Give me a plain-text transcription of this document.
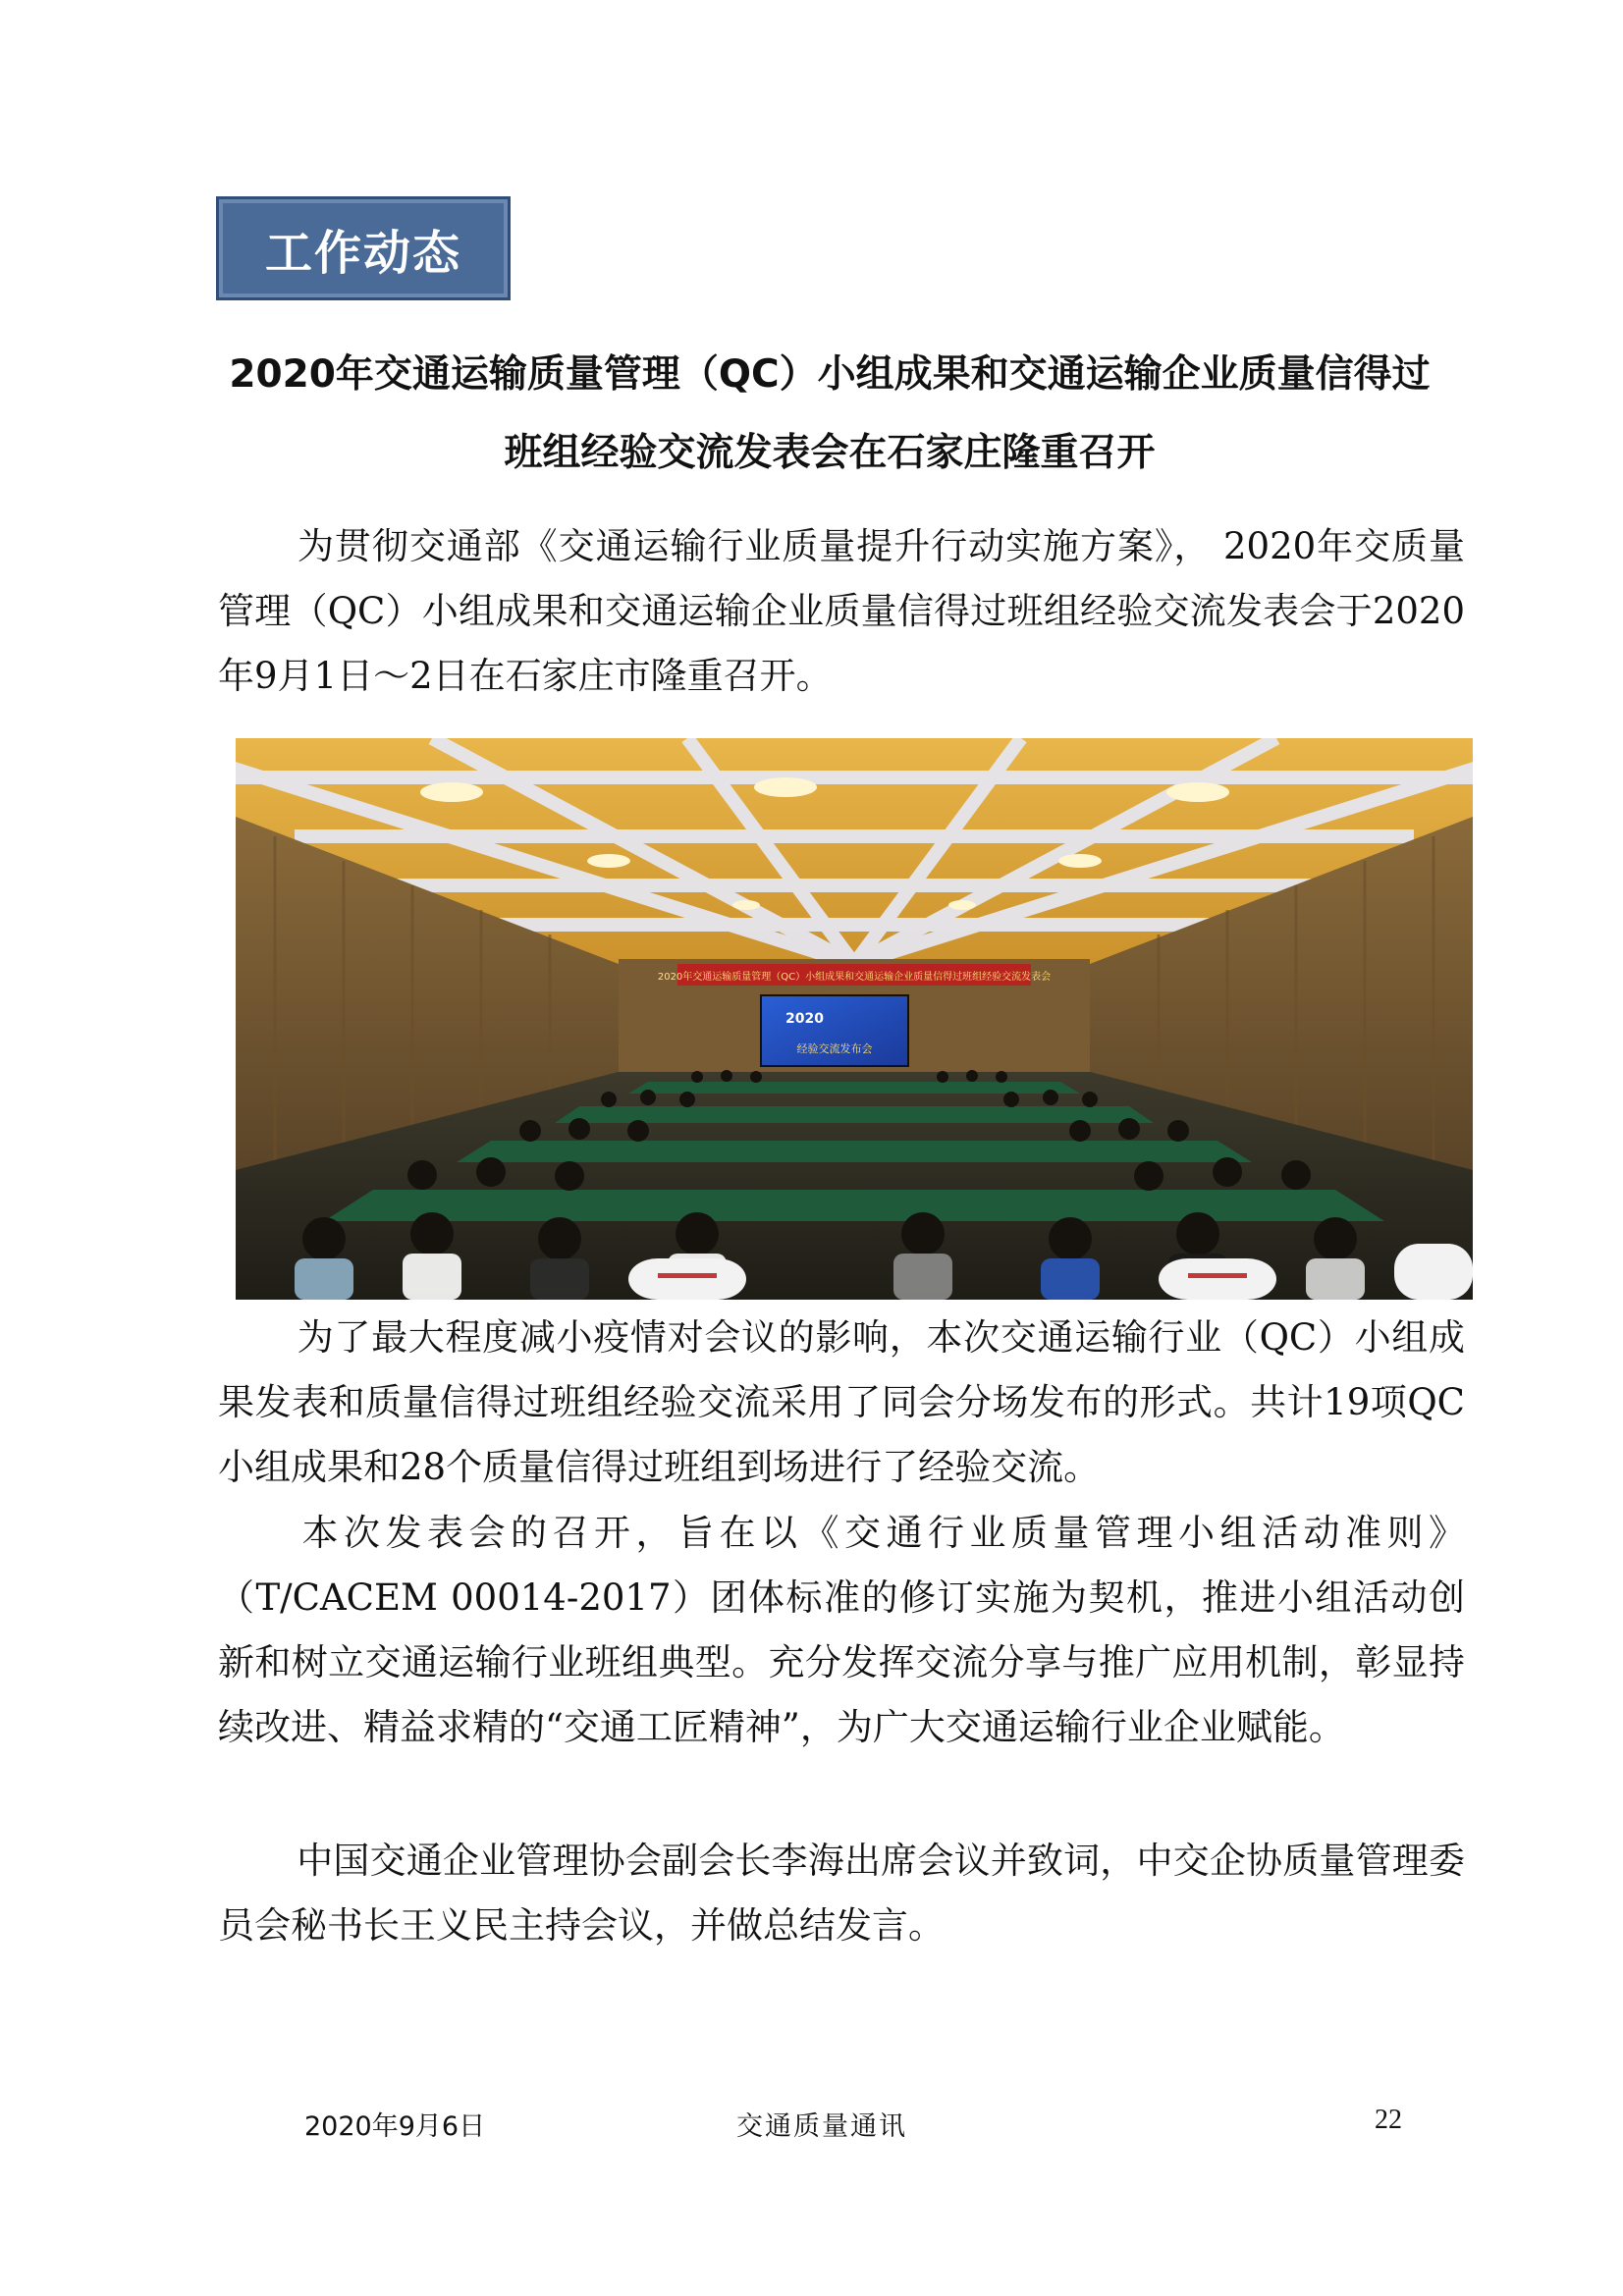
工作动态
2020年交通运输质量管理（QC）小组成果和交通运输企业质量信得过
班组经验交流发表会在石家庄隆重召开

为贯彻交通部《交通运输行业质量提升行动实施方案》， 2020年交质量管理（QC）小组成果和交通运输企业质量信得过班组经验交流发表会于2020年9月1日～2日在石家庄市隆重召开。

2020年交通运输质量管理（QC）小组成果和交通运输企业质量信得过班组经验交流发表会
2020
经验交流发布会

为了最大程度减小疫情对会议的影响，本次交通运输行业（QC）小组成果发表和质量信得过班组经验交流采用了同会分场发布的形式。共计19项QC小组成果和28个质量信得过班组到场进行了经验交流。

本次发表会的召开，旨在以《交通行业质量管理小组活动准则》（T/CACEM 00014-2017）团体标准的修订实施为契机，推进小组活动创新和树立交通运输行业班组典型。充分发挥交流分享与推广应用机制，彰显持续改进、精益求精的“交通工匠精神”，为广大交通运输行业企业赋能。

中国交通企业管理协会副会长李海出席会议并致词，中交企协质量管理委员会秘书长王义民主持会议，并做总结发言。

2020年9月6日	交通质量通讯	22
